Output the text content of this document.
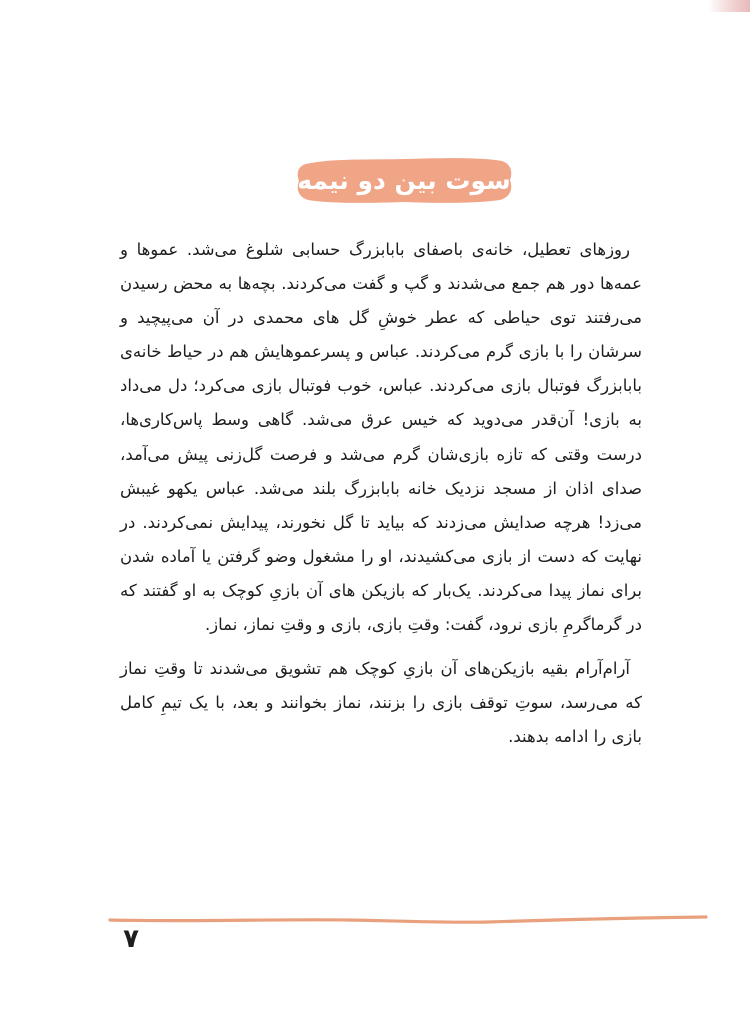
سوت بین دو نیمه

روزهای تعطیل، خانه‌ی باصفای بابابزرگ حسابی شلوغ می‌شد. عموها و عمه‌ها دور هم جمع می‌شدند و گپ و گفت می‌کردند. بچه‌ها به محض رسیدن می‌رفتند توی حیاطی که عطر خوشِ گل های محمدی در آن می‌پیچید و سرشان را با بازی گرم می‌کردند. عباس و پسرعموهایش هم در حیاط خانه‌ی بابابزرگ فوتبال بازی می‌کردند. عباس، خوب فوتبال بازی می‌کرد؛ دل می‌داد به بازی! آن‌قدر می‌دوید که خیس عرق می‌شد. گاهی وسط پاس‌کاری‌ها، درست وقتی که تازه بازی‌شان گرم می‌شد و فرصت گل‌زنی پیش می‌آمد، صدای اذان از مسجد نزدیک خانه بابابزرگ بلند می‌شد. عباس یکهو غیبش می‌زد! هرچه صدایش می‌زدند که بیاید تا گل نخورند، پیدایش نمی‌کردند. در نهایت که دست از بازی می‌کشیدند، او را مشغول وضو گرفتن یا آماده شدن برای نماز پیدا می‌کردند. یک‌بار که بازیکن های آن بازیِ کوچک به او گفتند که در گرماگرمِ بازی نرود، گفت: وقتِ بازی، بازی و وقتِ نماز، نماز.

آرام‌آرام بقیه بازیکن‌های آن بازیِ کوچک هم تشویق می‌شدند تا وقتِ نماز که می‌رسد، سوتِ توقف بازی را بزنند، نماز بخوانند و بعد، با یک تیمِ کامل بازی را ادامه بدهند.

۷
